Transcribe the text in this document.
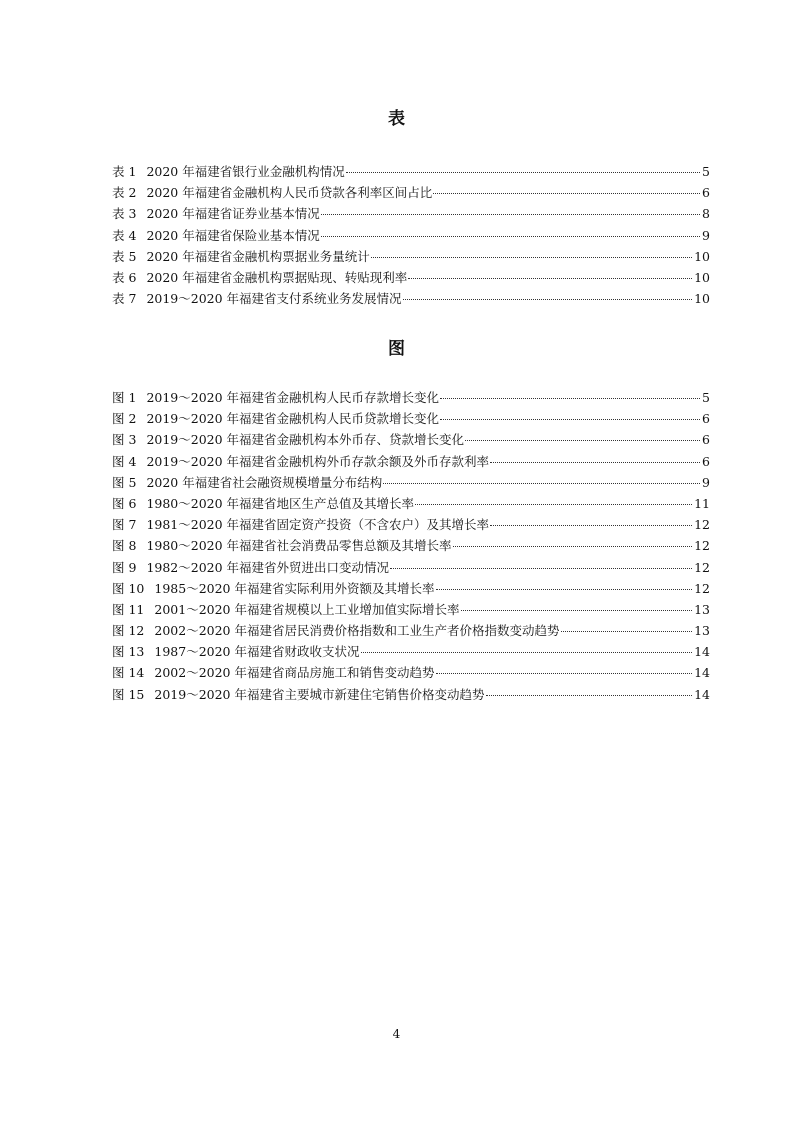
表
表 1 2020 年福建省银行业金融机构情况	5
表 2 2020 年福建省金融机构人民币贷款各利率区间占比	6
表 3 2020 年福建省证券业基本情况	8
表 4 2020 年福建省保险业基本情况	9
表 5 2020 年福建省金融机构票据业务量统计	10
表 6 2020 年福建省金融机构票据贴现、转贴现利率	10
表 7 2019～2020 年福建省支付系统业务发展情况	10
图
图 1 2019～2020 年福建省金融机构人民币存款增长变化	5
图 2 2019～2020 年福建省金融机构人民币贷款增长变化	6
图 3 2019～2020 年福建省金融机构本外币存、贷款增长变化	6
图 4 2019～2020 年福建省金融机构外币存款余额及外币存款利率	6
图 5 2020 年福建省社会融资规模增量分布结构	9
图 6 1980～2020 年福建省地区生产总值及其增长率	11
图 7 1981～2020 年福建省固定资产投资（不含农户）及其增长率	12
图 8 1980～2020 年福建省社会消费品零售总额及其增长率	12
图 9 1982～2020 年福建省外贸进出口变动情况	12
图 10 1985～2020 年福建省实际利用外资额及其增长率	12
图 11 2001～2020 年福建省规模以上工业增加值实际增长率	13
图 12 2002～2020 年福建省居民消费价格指数和工业生产者价格指数变动趋势	13
图 13 1987～2020 年福建省财政收支状况	14
图 14 2002～2020 年福建省商品房施工和销售变动趋势	14
图 15 2019～2020 年福建省主要城市新建住宅销售价格变动趋势	14
4
